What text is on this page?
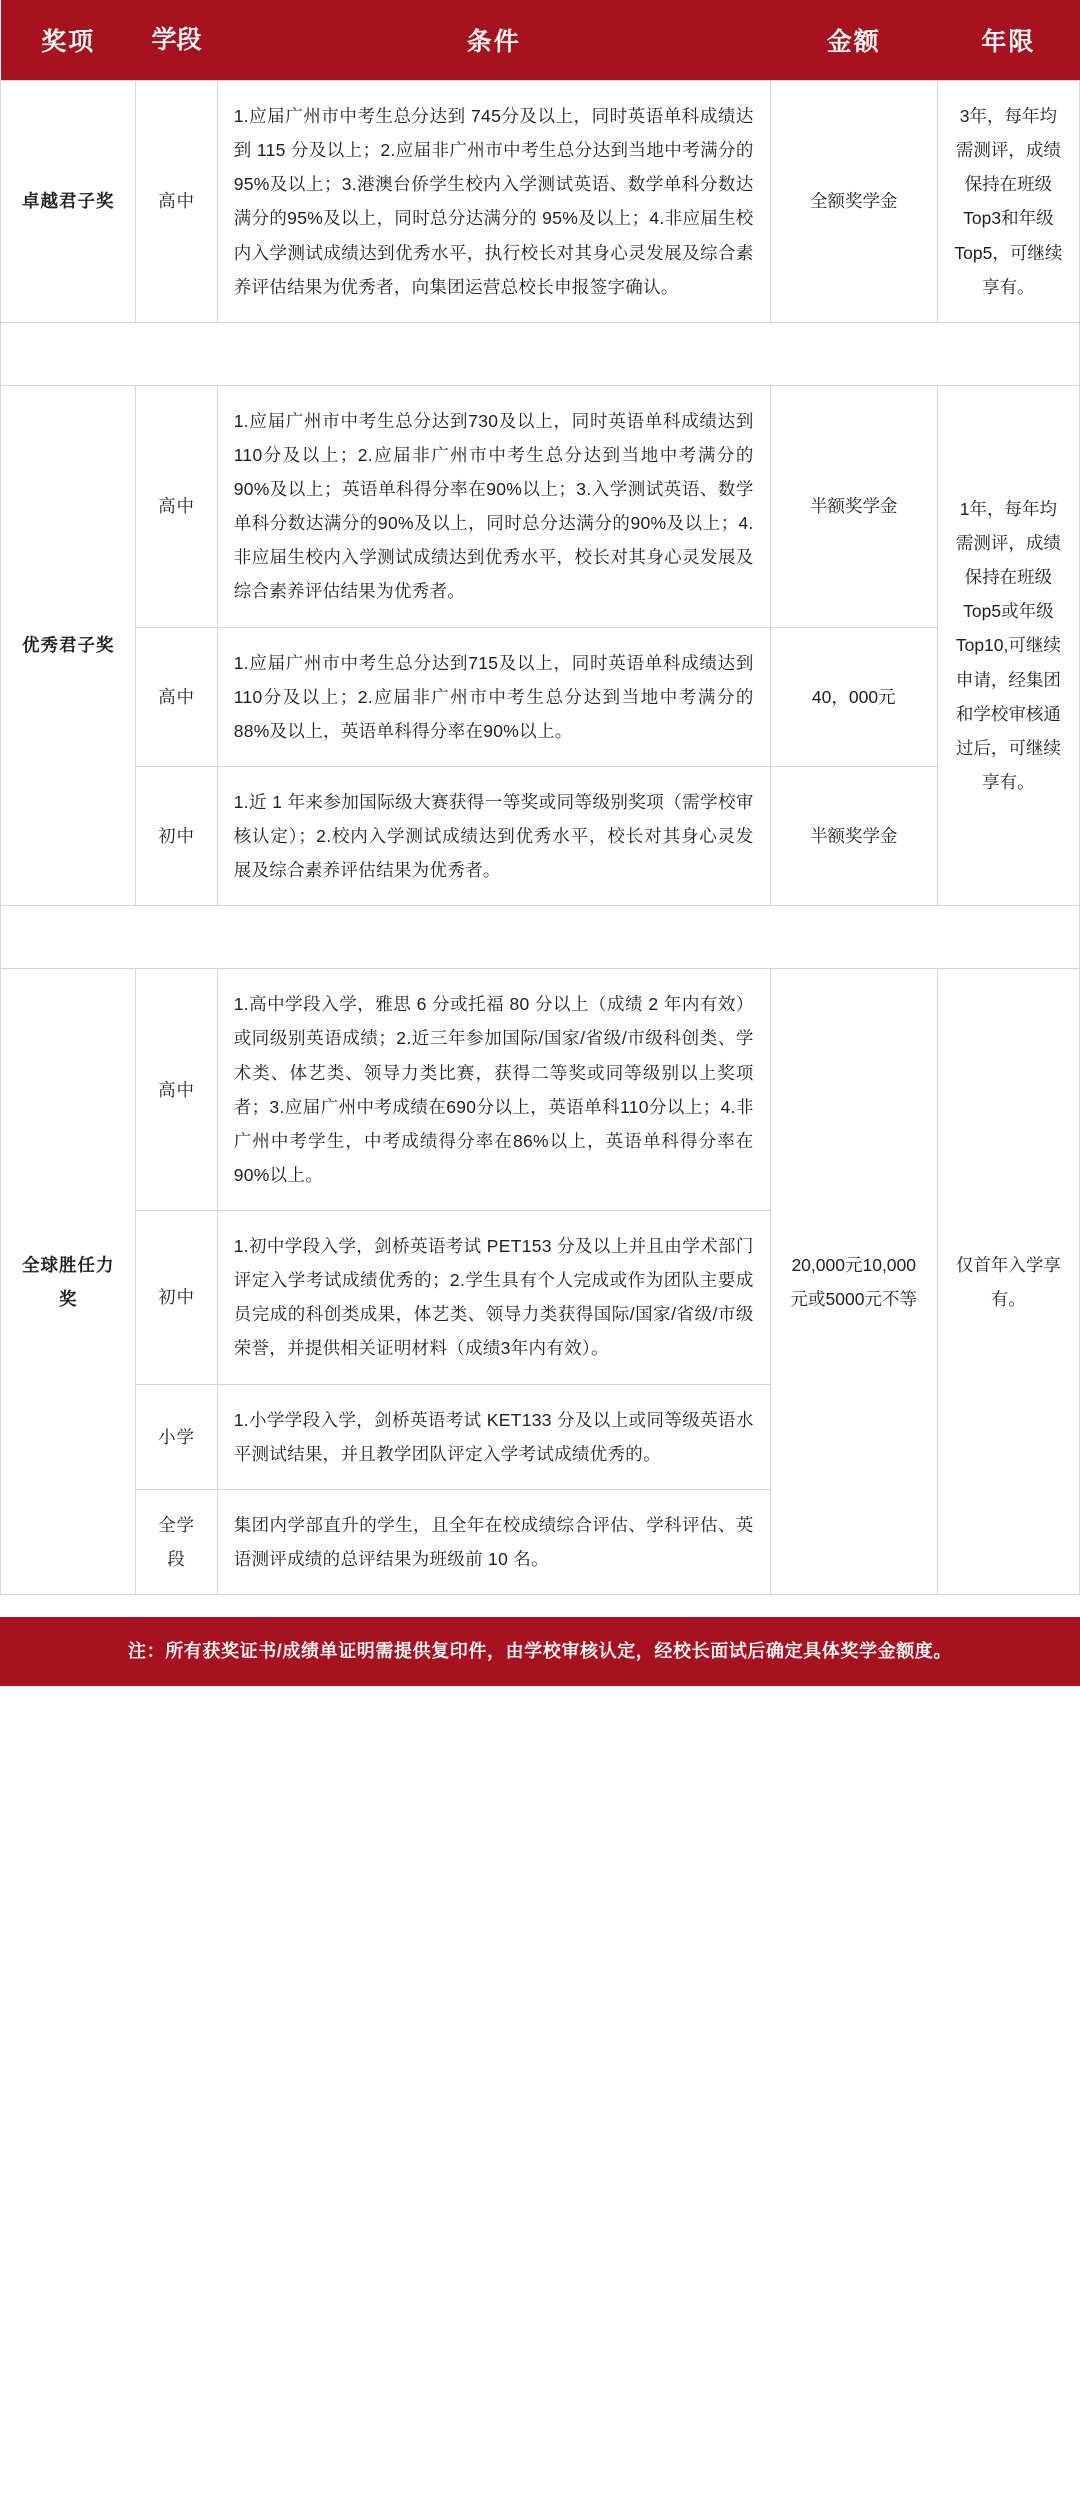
奖项	学段	条件	金额	年限
卓越君子奖	高中	1.应届广州市中考生总分达到 745分及以上，同时英语单科成绩达到 115 分及以上；2.应届非广州市中考生总分达到当地中考满分的 95%及以上；3.港澳台侨学生校内入学测试英语、数学单科分数达满分的95%及以上，同时总分达满分的 95%及以上；4.非应届生校内入学测试成绩达到优秀水平，执行校长对其身心灵发展及综合素养评估结果为优秀者，向集团运营总校长申报签字确认。	全额奖学金	3年，每年均需测评，成绩保持在班级Top3和年级Top5，可继续享有。

优秀君子奖	高中	1.应届广州市中考生总分达到730及以上，同时英语单科成绩达到110分及以上；2.应届非广州市中考生总分达到当地中考满分的90%及以上；英语单科得分率在90%以上；3.入学测试英语、数学单科分数达满分的90%及以上，同时总分达满分的90%及以上；4.非应届生校内入学测试成绩达到优秀水平，校长对其身心灵发展及综合素养评估结果为优秀者。	半额奖学金	1年，每年均需测评，成绩保持在班级Top5或年级Top10,可继续申请，经集团和学校审核通过后，可继续享有。
	高中	1.应届广州市中考生总分达到715及以上，同时英语单科成绩达到110分及以上；2.应届非广州市中考生总分达到当地中考满分的88%及以上，英语单科得分率在90%以上。	40，000元	
	初中	1.近 1 年来参加国际级大赛获得一等奖或同等级别奖项（需学校审核认定）；2.校内入学测试成绩达到优秀水平，校长对其身心灵发展及综合素养评估结果为优秀者。	半额奖学金	

全球胜任力奖	高中	1.高中学段入学，雅思 6 分或托福 80 分以上（成绩 2 年内有效）或同级别英语成绩；2.近三年参加国际/国家/省级/市级科创类、学术类、体艺类、领导力类比赛，获得二等奖或同等级别以上奖项者；3.应届广州中考成绩在690分以上，英语单科110分以上；4.非广州中考学生，中考成绩得分率在86%以上，英语单科得分率在90%以上。	20,000元10,000元或5000元不等	仅首年入学享有。
	初中	1.初中学段入学，剑桥英语考试 PET153 分及以上并且由学术部门评定入学考试成绩优秀的；2.学生具有个人完成或作为团队主要成员完成的科创类成果，体艺类、领导力类获得国际/国家/省级/市级荣誉，并提供相关证明材料（成绩3年内有效）。		
	小学	1.小学学段入学，剑桥英语考试 KET133 分及以上或同等级英语水平测试结果，并且教学团队评定入学考试成绩优秀的。		
	全学段	集团内学部直升的学生，且全年在校成绩综合评估、学科评估、英语测评成绩的总评结果为班级前 10 名。		
注：所有获奖证书/成绩单证明需提供复印件，由学校审核认定，经校长面试后确定具体奖学金额度。
